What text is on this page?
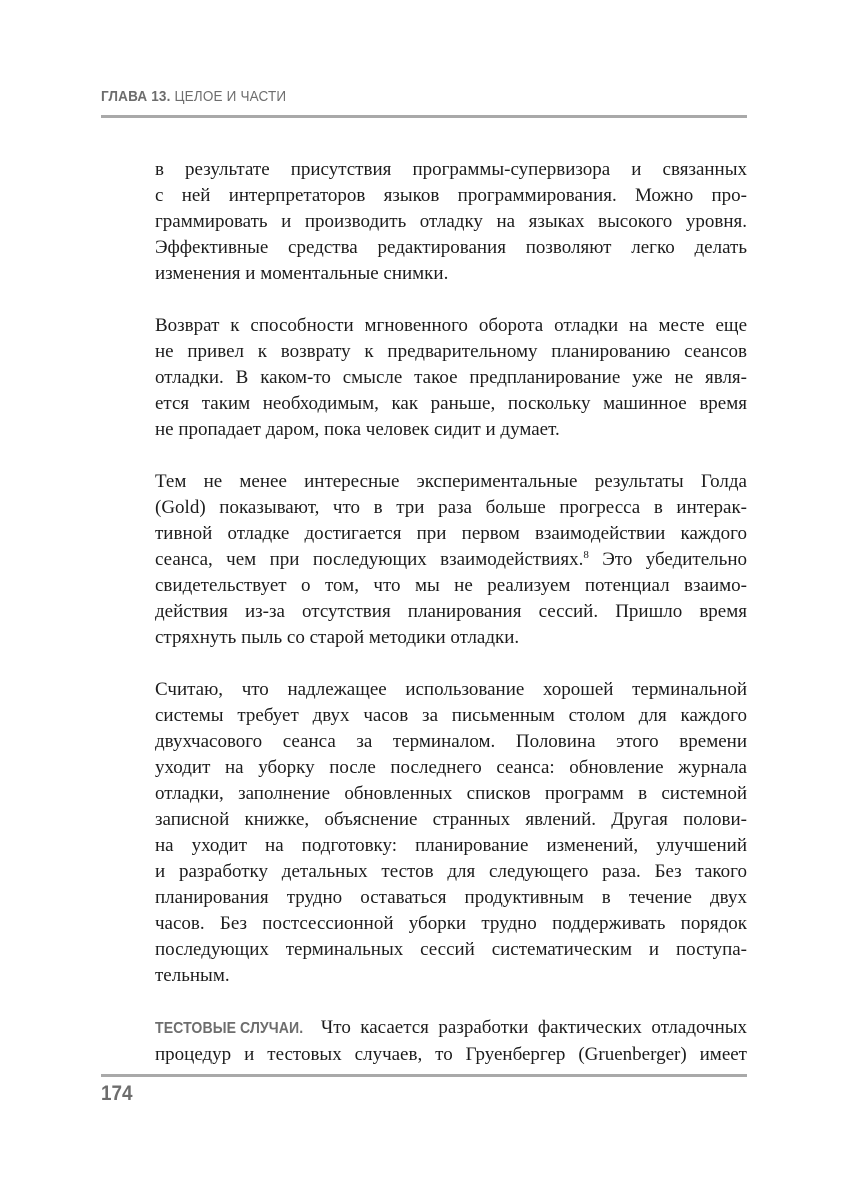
ГЛАВА 13. ЦЕЛОЕ И ЧАСТИ

в результате присутствия программы-супервизора и связанных
с ней интерпретаторов языков программирования. Можно про-
граммировать и производить отладку на языках высокого уровня.
Эффективные средства редактирования позволяют легко делать
изменения и моментальные снимки.

Возврат к способности мгновенного оборота отладки на месте еще
не привел к возврату к предварительному планированию сеансов
отладки. В каком-то смысле такое предпланирование уже не явля-
ется таким необходимым, как раньше, поскольку машинное время
не пропадает даром, пока человек сидит и думает.

Тем не менее интересные экспериментальные результаты Голда
(Gold) показывают, что в три раза больше прогресса в интерак-
тивной отладке достигается при первом взаимодействии каждого
сеанса, чем при последующих взаимодействиях.$^8$ Это убедительно
свидетельствует о том, что мы не реализуем потенциал взаимо-
действия из-за отсутствия планирования сессий. Пришло время
стряхнуть пыль со старой методики отладки.

Считаю, что надлежащее использование хорошей терминальной
системы требует двух часов за письменным столом для каждого
двухчасового сеанса за терминалом. Половина этого времени
уходит на уборку после последнего сеанса: обновление журнала
отладки, заполнение обновленных списков программ в системной
записной книжке, объяснение странных явлений. Другая полови-
на уходит на подготовку: планирование изменений, улучшений
и разработку детальных тестов для следующего раза. Без такого
планирования трудно оставаться продуктивным в течение двух
часов. Без постсессионной уборки трудно поддерживать порядок
последующих терминальных сессий систематическим и поступа-
тельным.

ТЕСТОВЫЕ СЛУЧАИ. Что касается разработки фактических отладочных
процедур и тестовых случаев, то Груенбергер (Gruenberger) имеет

174
